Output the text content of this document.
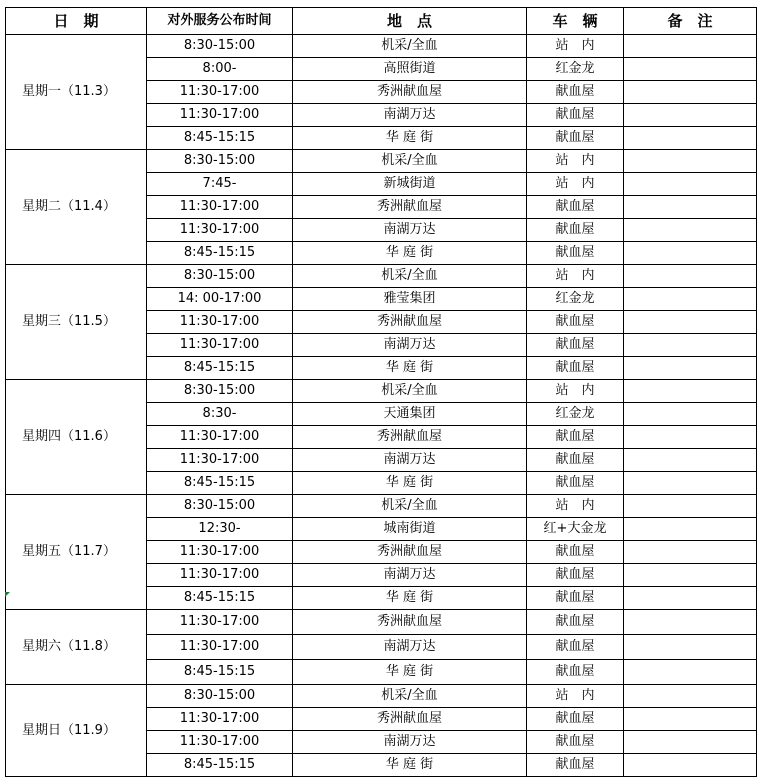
日　期	对外服务公布时间	地　点	车　辆	备　注
星期一（11.3）	8:30-15:00	机采/全血	站　内	
	8:00-	高照街道	红金龙	
	11:30-17:00	秀洲献血屋	献血屋	
	11:30-17:00	南湖万达	献血屋	
	8:45-15:15	华 庭 街	献血屋	
星期二（11.4）	8:30-15:00	机采/全血	站　内	
	7:45-	新城街道	站　内	
	11:30-17:00	秀洲献血屋	献血屋	
	11:30-17:00	南湖万达	献血屋	
	8:45-15:15	华 庭 街	献血屋	
星期三（11.5）	8:30-15:00	机采/全血	站　内	
	14: 00-17:00	雅莹集团	红金龙	
	11:30-17:00	秀洲献血屋	献血屋	
	11:30-17:00	南湖万达	献血屋	
	8:45-15:15	华 庭 街	献血屋	
星期四（11.6）	8:30-15:00	机采/全血	站　内	
	8:30-	天通集团	红金龙	
	11:30-17:00	秀洲献血屋	献血屋	
	11:30-17:00	南湖万达	献血屋	
	8:45-15:15	华 庭 街	献血屋	
星期五（11.7）	8:30-15:00	机采/全血	站　内	
	12:30-	城南街道	红+大金龙	
	11:30-17:00	秀洲献血屋	献血屋	
	11:30-17:00	南湖万达	献血屋	
	8:45-15:15	华 庭 街	献血屋	
星期六（11.8）	11:30-17:00	秀洲献血屋	献血屋	
	11:30-17:00	南湖万达	献血屋	
	8:45-15:15	华 庭 街	献血屋	
星期日（11.9）	8:30-15:00	机采/全血	站　内	
	11:30-17:00	秀洲献血屋	献血屋	
	11:30-17:00	南湖万达	献血屋	
	8:45-15:15	华 庭 街	献血屋	
